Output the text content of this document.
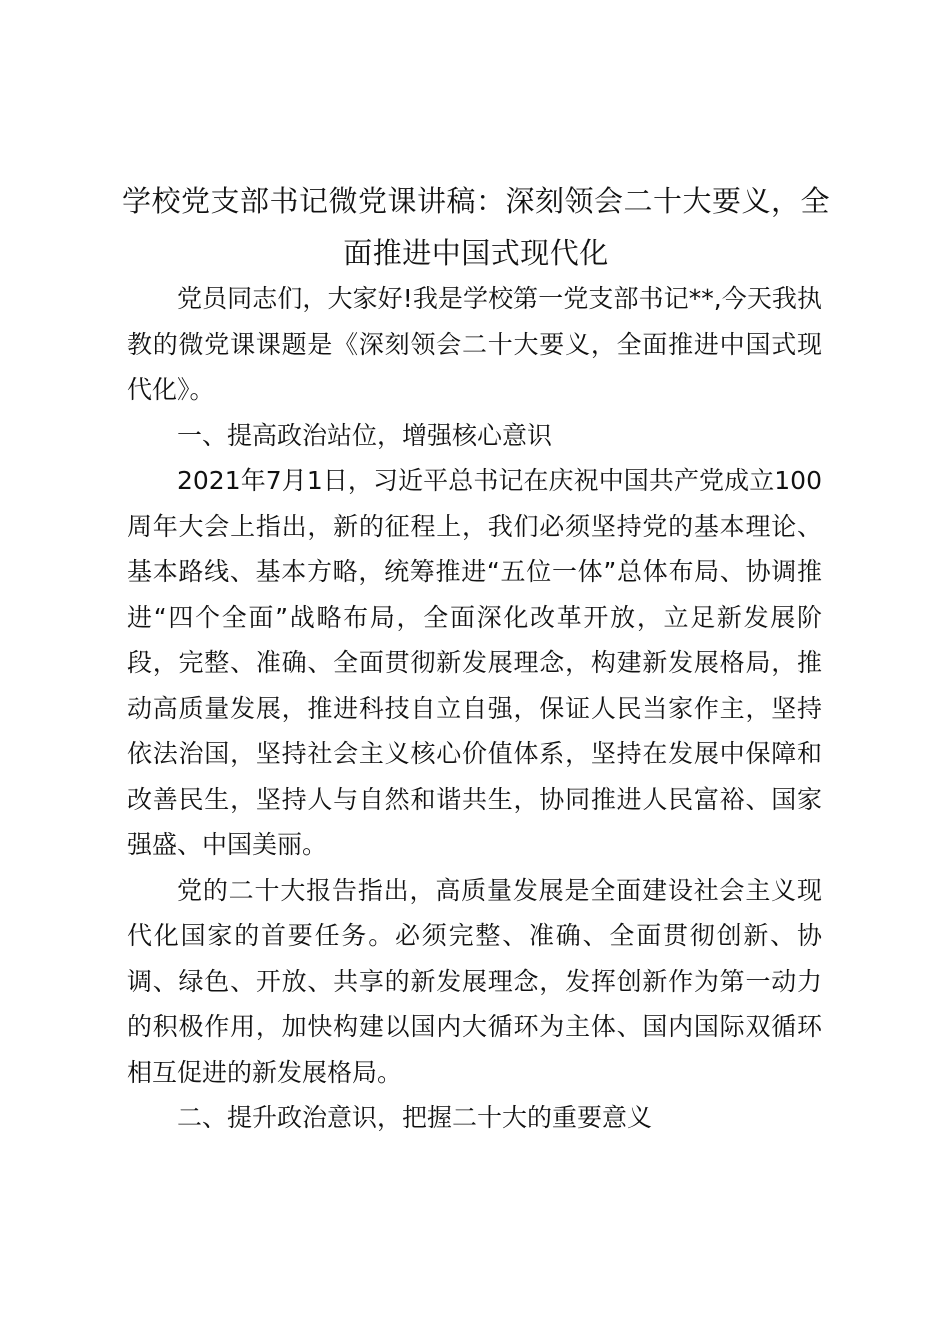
学校党支部书记微党课讲稿：深刻领会二十大要义，全面推进中国式现代化

党员同志们，大家好!我是学校第一党支部书记**,今天我执教的微党课课题是《深刻领会二十大要义，全面推进中国式现代化》。

一、提高政治站位，增强核心意识

2021年7月1日，习近平总书记在庆祝中国共产党成立100周年大会上指出，新的征程上，我们必须坚持党的基本理论、基本路线、基本方略，统筹推进“五位一体”总体布局、协调推进“四个全面”战略布局，全面深化改革开放，立足新发展阶段，完整、准确、全面贯彻新发展理念，构建新发展格局，推动高质量发展，推进科技自立自强，保证人民当家作主，坚持依法治国，坚持社会主义核心价值体系，坚持在发展中保障和改善民生，坚持人与自然和谐共生，协同推进人民富裕、国家强盛、中国美丽。

党的二十大报告指出，高质量发展是全面建设社会主义现代化国家的首要任务。必须完整、准确、全面贯彻创新、协调、绿色、开放、共享的新发展理念，发挥创新作为第一动力的积极作用，加快构建以国内大循环为主体、国内国际双循环相互促进的新发展格局。

二、提升政治意识，把握二十大的重要意义
